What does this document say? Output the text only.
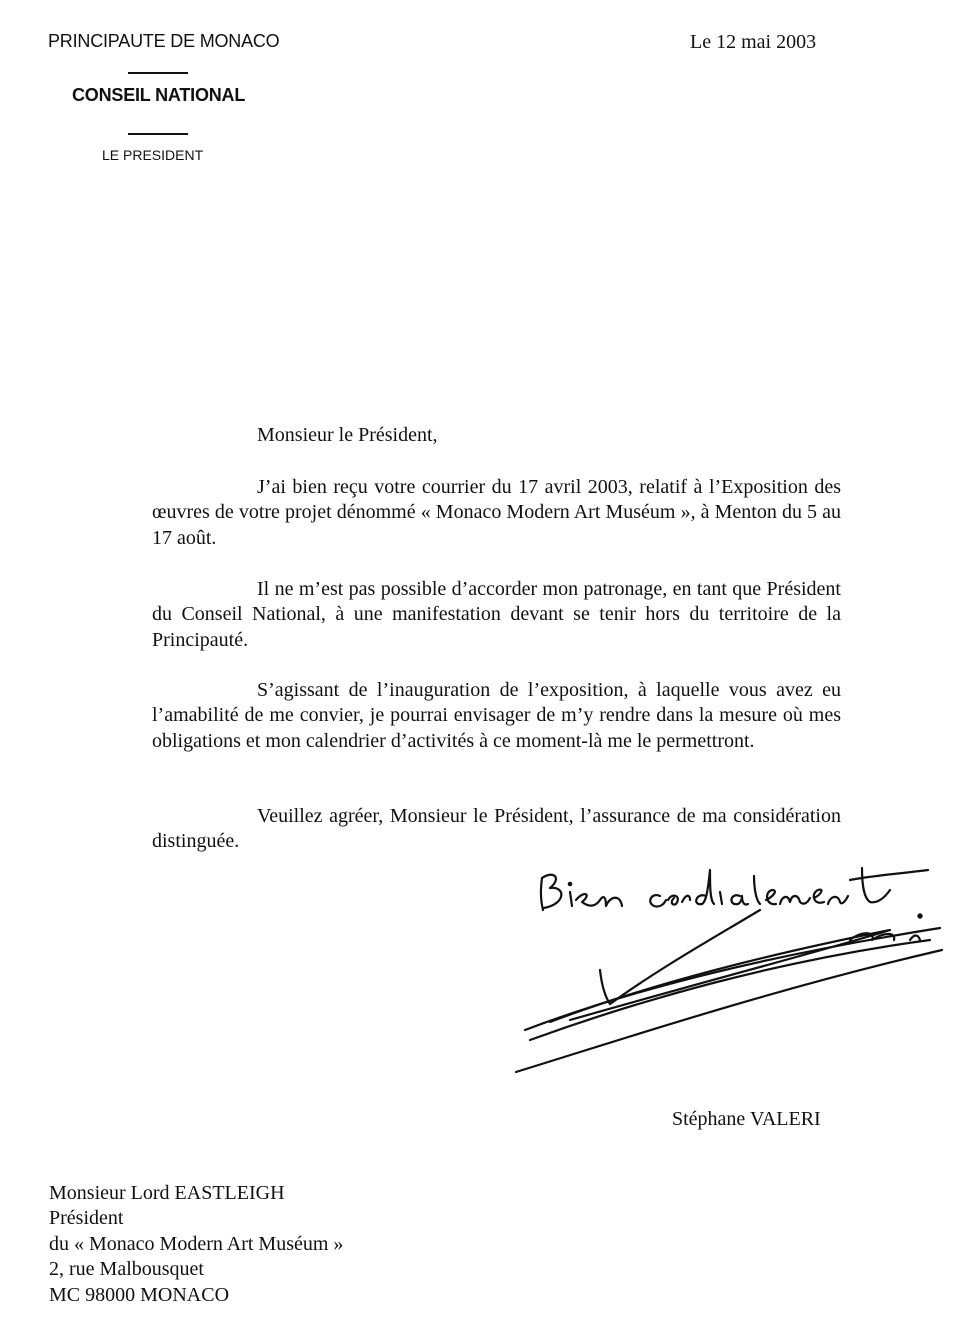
PRINCIPAUTE DE MONACO
CONSEIL NATIONAL
LE PRESIDENT
Le 12 mai 2003
Monsieur le Président,

J’ai bien reçu votre courrier du 17 avril 2003, relatif à l’Exposition des œuvres de votre projet dénommé « Monaco Modern Art Muséum », à Menton du 5 au 17 août.

Il ne m’est pas possible d’accorder mon patronage, en tant que Président du Conseil National, à une manifestation devant se tenir hors du territoire de la Principauté.

S’agissant de l’inauguration de l’exposition, à laquelle vous avez eu l’amabilité de me convier, je pourrai envisager de m’y rendre dans la mesure où mes obligations et mon calendrier d’activités à ce moment-là me le permettront.

Veuillez agréer, Monsieur le Président, l’assurance de ma considération distinguée.

Stéphane VALERI
Monsieur Lord EASTLEIGH
Président
du « Monaco Modern Art Muséum »
2, rue Malbousquet
MC 98000 MONACO
